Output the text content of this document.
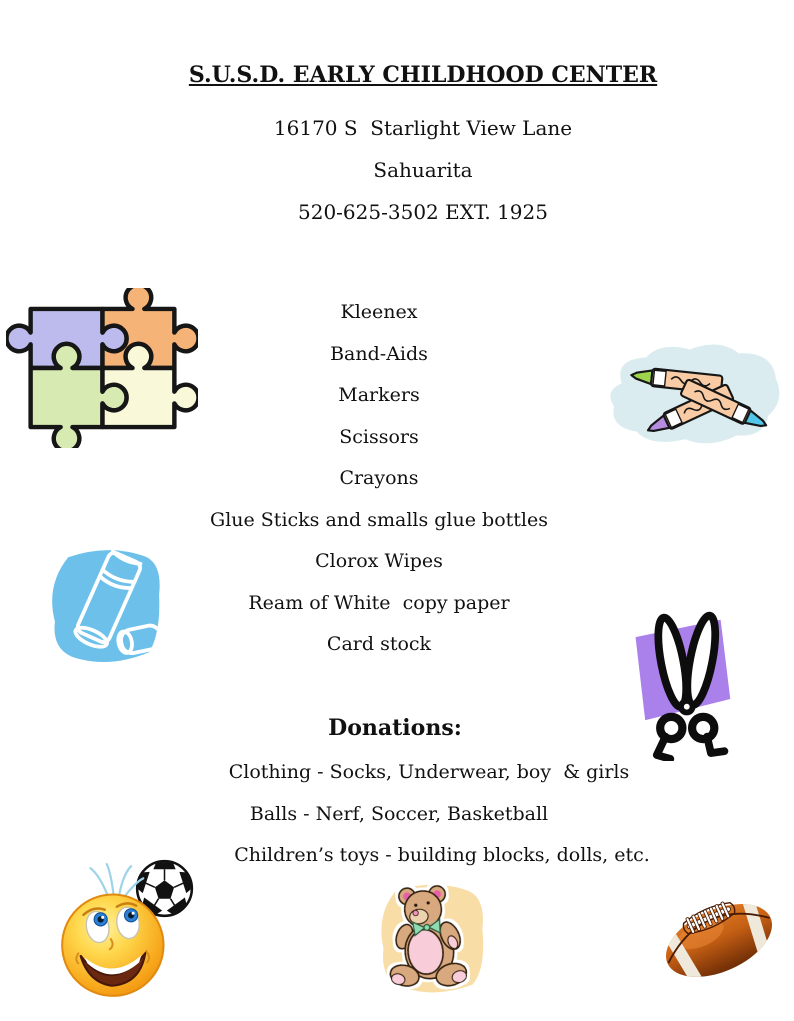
S.U.S.D. EARLY CHILDHOOD CENTER
16170 S  Starlight View Lane
Sahuarita
520-625-3502 EXT. 1925
Kleenex
Band-Aids
Markers
Scissors
Crayons
Glue Sticks and smalls glue bottles
Clorox Wipes
Ream of White  copy paper
Card stock
Donations:
Clothing - Socks, Underwear, boy  & girls
Balls - Nerf, Soccer, Basketball
Children’s toys - building blocks, dolls, etc.
